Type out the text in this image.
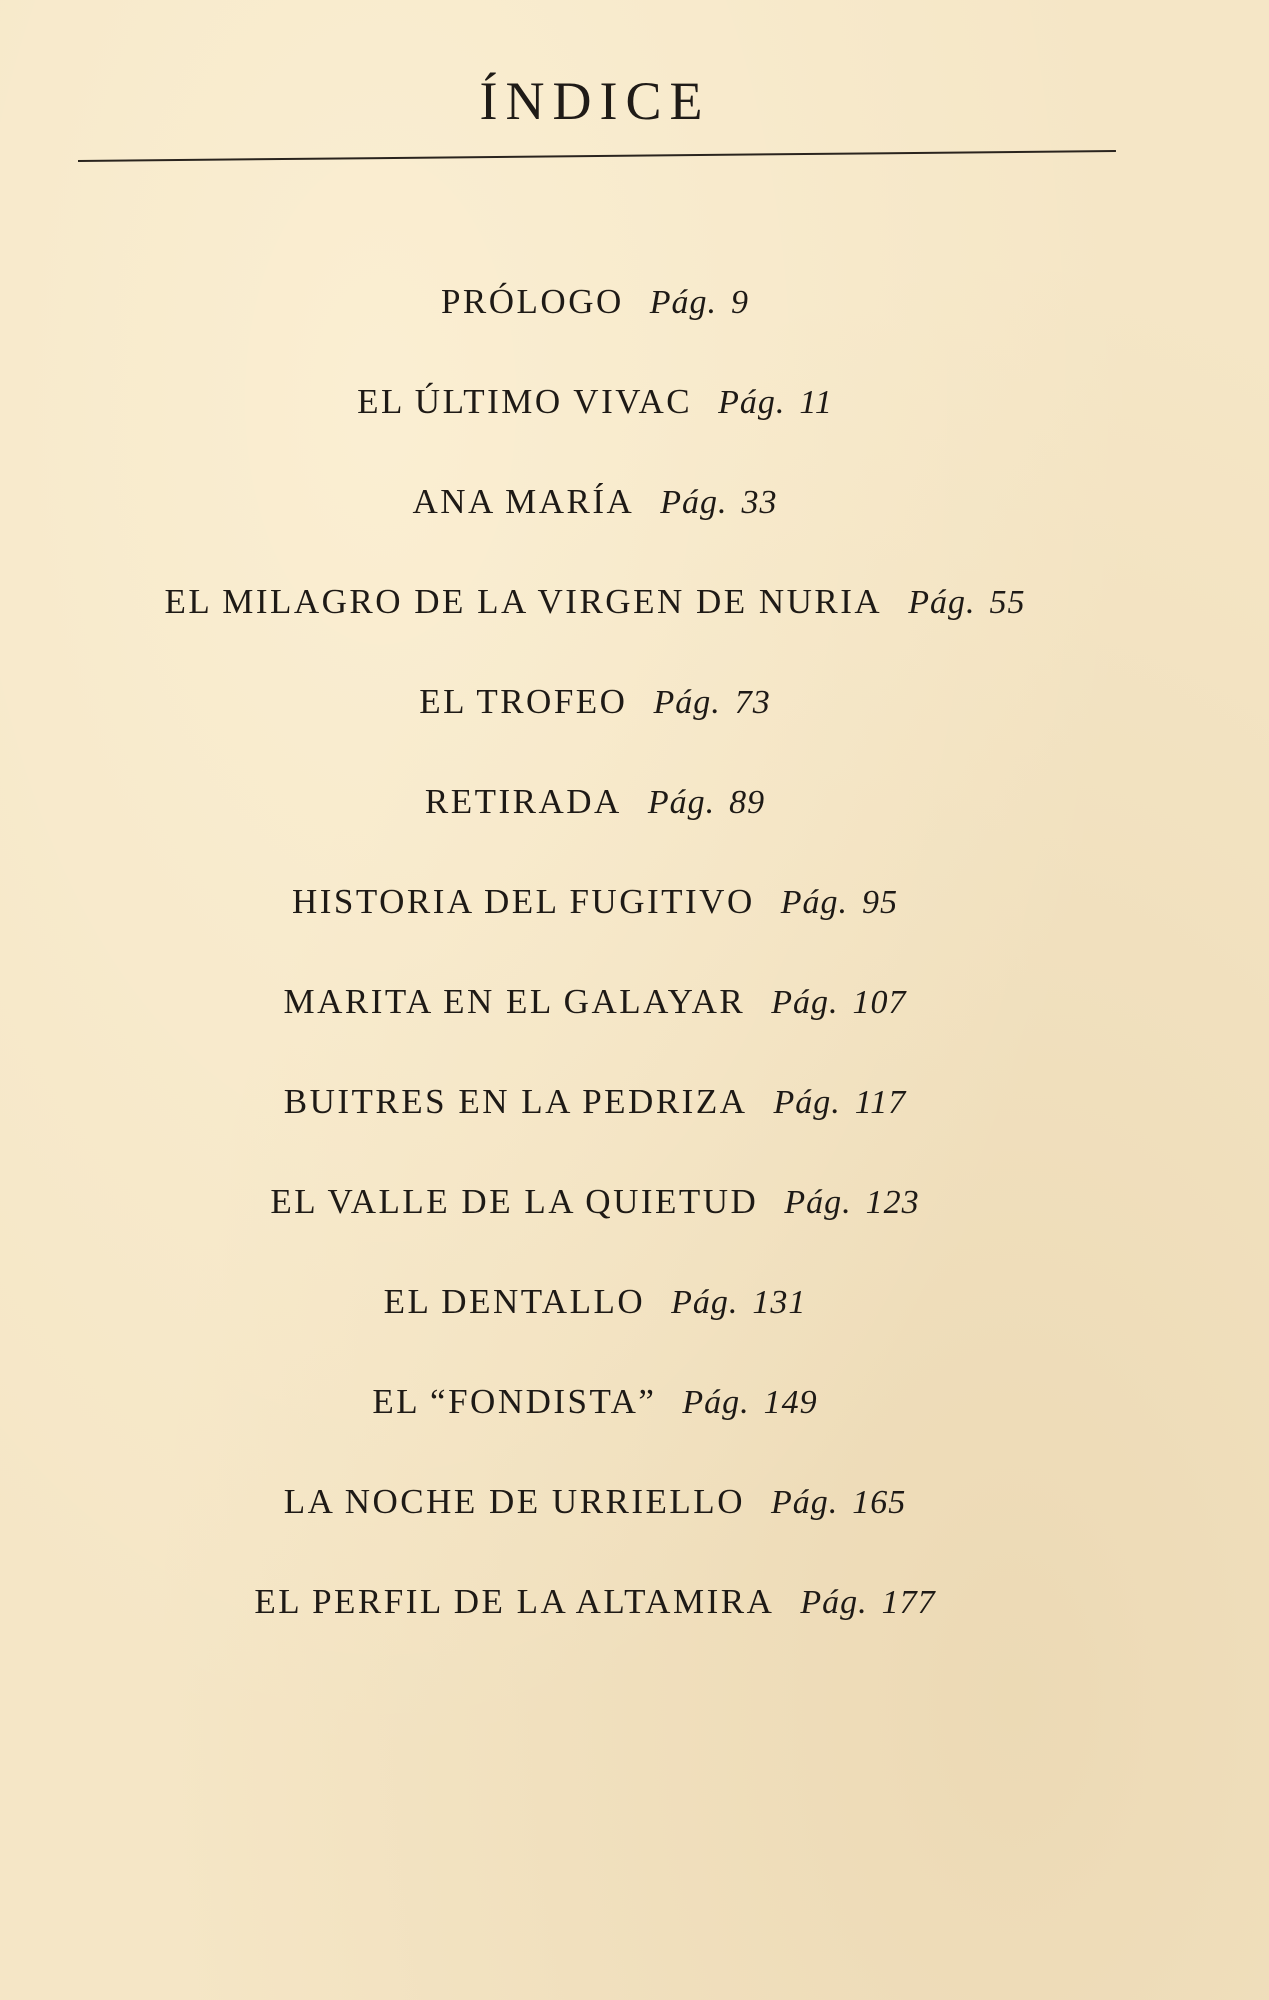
ÍNDICE
PRÓLOGO Pág. 9
EL ÚLTIMO VIVAC Pág. 11
ANA MARÍA Pág. 33
EL MILAGRO DE LA VIRGEN DE NURIA Pág. 55
EL TROFEO Pág. 73
RETIRADA Pág. 89
HISTORIA DEL FUGITIVO Pág. 95
MARITA EN EL GALAYAR Pág. 107
BUITRES EN LA PEDRIZA Pág. 117
EL VALLE DE LA QUIETUD Pág. 123
EL DENTALLO Pág. 131
EL “FONDISTA” Pág. 149
LA NOCHE DE URRIELLO Pág. 165
EL PERFIL DE LA ALTAMIRA Pág. 177
